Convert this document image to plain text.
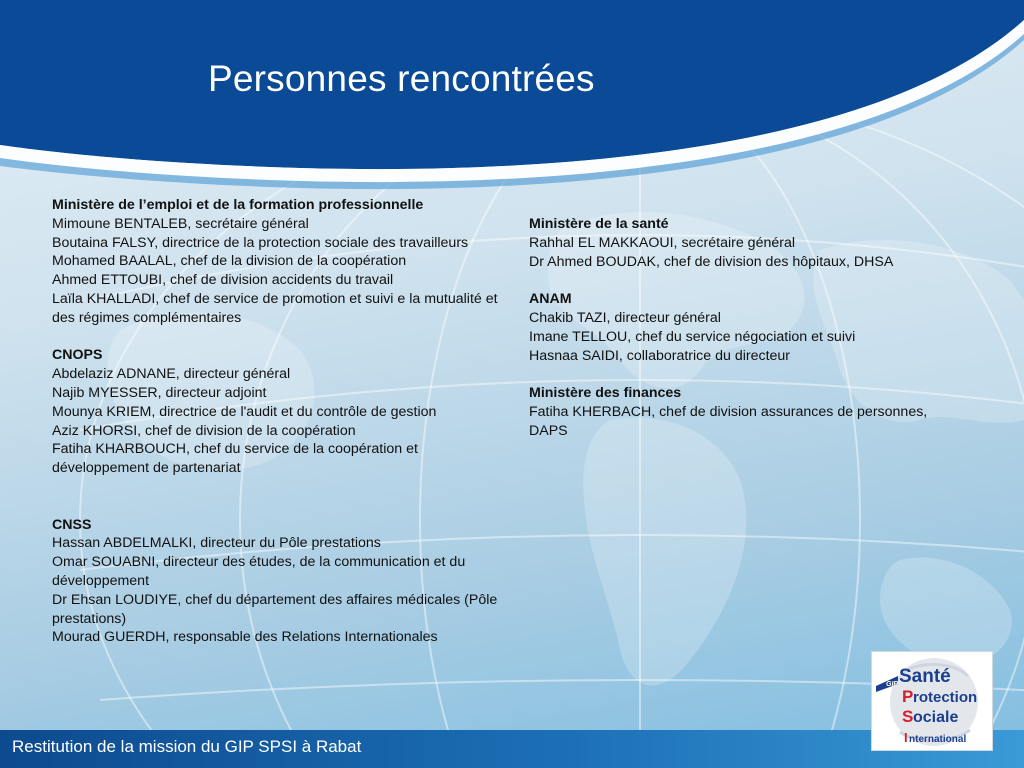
Personnes rencontrées
Ministère de l’emploi et de la formation professionnelle
Mimoune BENTALEB, secrétaire général
Boutaina FALSY, directrice de la protection sociale des travailleurs
Mohamed BAALAL, chef de la division de la coopération
Ahmed ETTOUBI, chef de division accidents du travail
Laïla KHALLADI, chef de service de promotion et suivi e la mutualité et des régimes complémentaires
CNOPS
Abdelaziz ADNANE, directeur général
Najib MYESSER, directeur adjoint
Mounya KRIEM, directrice de l'audit et du contrôle de gestion
Aziz KHORSI, chef de division de la coopération
Fatiha KHARBOUCH, chef du service de la coopération et développement de partenariat
CNSS
Hassan ABDELMALKI, directeur du Pôle prestations
Omar SOUABNI, directeur des études, de la communication et du développement
Dr Ehsan LOUDIYE, chef du département des affaires médicales (Pôle prestations)
Mourad GUERDH, responsable des Relations Internationales
Ministère de la santé
Rahhal EL MAKKAOUI, secrétaire général
Dr Ahmed BOUDAK, chef de division des hôpitaux, DHSA
ANAM
Chakib TAZI, directeur général
Imane TELLOU, chef du service négociation et suivi
Hasnaa SAIDI, collaboratrice du directeur
Ministère des finances
Fatiha KHERBACH, chef de division assurances de personnes, DAPS
Restitution de la mission du GIP SPSI à Rabat
GIP Santé
P rotection
S ociale
I nternational
